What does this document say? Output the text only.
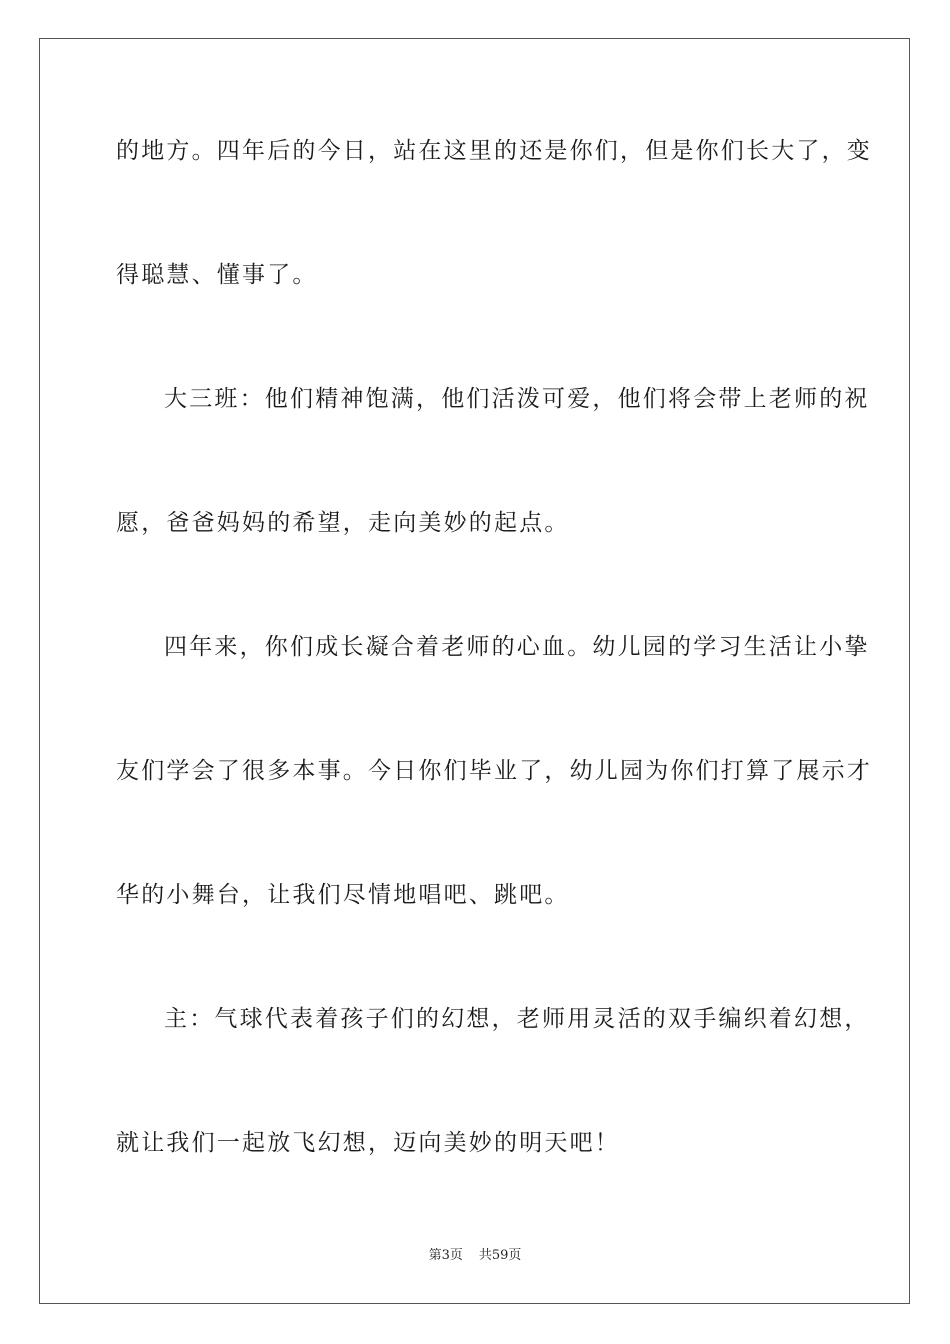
的地方。四年后的今日，站在这里的还是你们，但是你们长大了，变
得聪慧、懂事了。
大三班：他们精神饱满，他们活泼可爱，他们将会带上老师的祝
愿，爸爸妈妈的希望，走向美妙的起点。
四年来，你们成长凝合着老师的心血。幼儿园的学习生活让小挚
友们学会了很多本事。今日你们毕业了，幼儿园为你们打算了展示才
华的小舞台，让我们尽情地唱吧、跳吧。
主：气球代表着孩子们的幻想，老师用灵活的双手编织着幻想，
就让我们一起放飞幻想，迈向美妙的明天吧！
第3页 共59页
